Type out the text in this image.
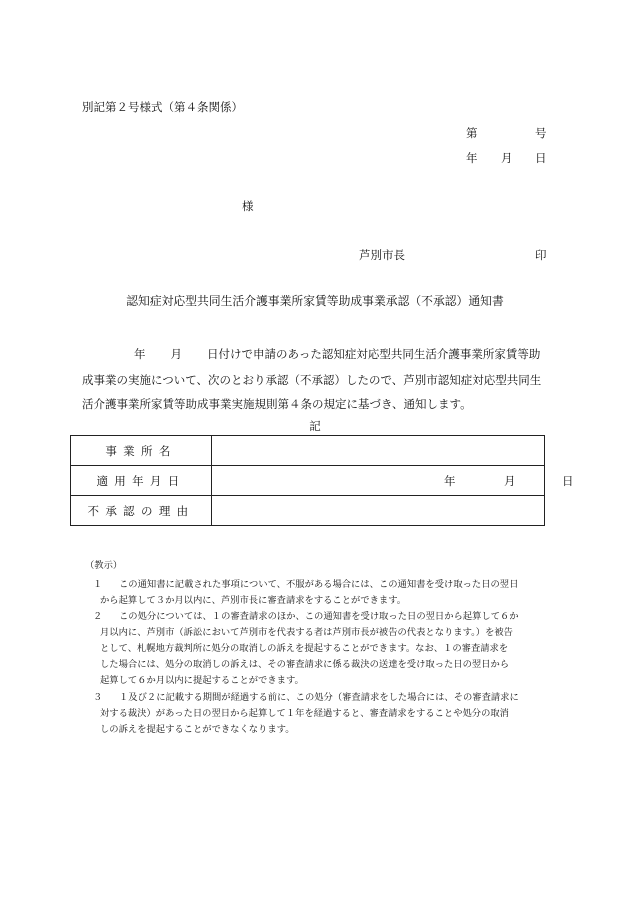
別記第２号様式（第４条関係）
第	号
年 月 日
様
芦別市長	印
認知症対応型共同生活介護事業所家賃等助成事業承認（不承認）通知書
年 月 日付けで申請のあった認知症対応型共同生活介護事業所家賃等助
成事業の実施について、次のとおり承認（不承認）したので、芦別市認知症対応型共同生
活介護事業所家賃等助成事業実施規則第４条の規定に基づき、通知します。
記
事業所名	
適用年月日	年 月 日

不承認の理由	
（教示）
１ この通知書に記載された事項について、不服がある場合には、この通知書を受け取った日の翌日
から起算して３か月以内に、芦別市長に審査請求をすることができます。
２ この処分については、１の審査請求のほか、この通知書を受け取った日の翌日から起算して６か
月以内に、芦別市（訴訟において芦別市を代表する者は芦別市長が被告の代表となります。）を被告
として、札幌地方裁判所に処分の取消しの訴えを提起することができます。なお、１の審査請求を
した場合には、処分の取消しの訴えは、その審査請求に係る裁決の送達を受け取った日の翌日から
起算して６か月以内に提起することができます。
３ １及び２に記載する期間が経過する前に、この処分（審査請求をした場合には、その審査請求に
対する裁決）があった日の翌日から起算して１年を経過すると、審査請求をすることや処分の取消
しの訴えを提起することができなくなります。
